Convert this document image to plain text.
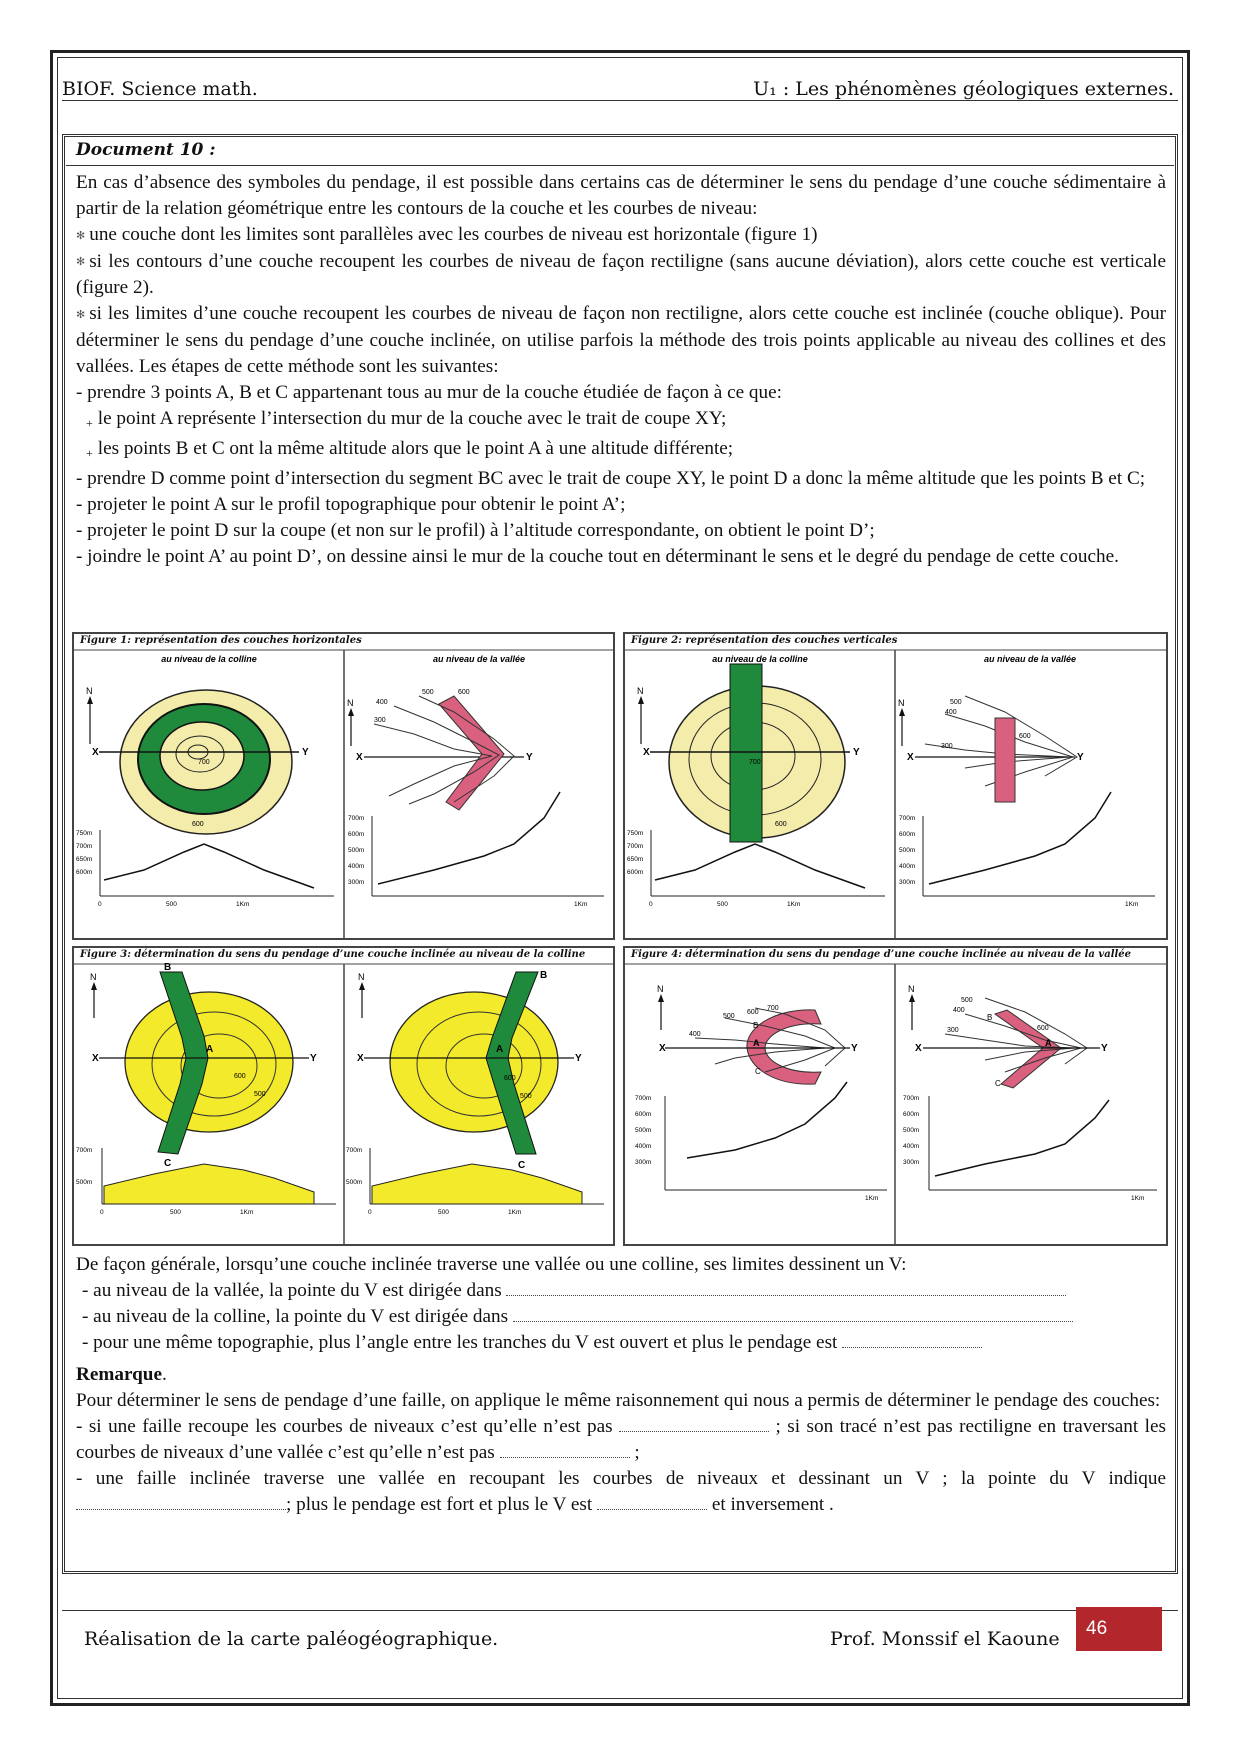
BIOF. Science math.	U₁ : Les phénomènes géologiques externes.
Document 10 :

En cas d’absence des symboles du pendage, il est possible dans certains cas de déterminer le sens du pendage d’une couche sédimentaire à partir de la relation géométrique entre les contours de la couche et les courbes de niveau:

✻ une couche dont les limites sont parallèles avec les courbes de niveau est horizontale (figure 1)

✻ si les contours d’une couche recoupent les courbes de niveau de façon rectiligne (sans aucune déviation), alors cette couche est verticale (figure 2).

✻ si les limites d’une couche recoupent les courbes de niveau de façon non rectiligne, alors cette couche est inclinée (couche oblique). Pour déterminer le sens du pendage d’une couche inclinée, on utilise parfois la méthode des trois points applicable au niveau des collines et des vallées. Les étapes de cette méthode sont les suivantes:

- prendre 3 points A, B et C appartenant tous au mur de la couche étudiée de façon à ce que:

+ le point A représente l’intersection du mur de la couche avec le trait de coupe XY;

+ les points B et C ont la même altitude alors que le point A à une altitude différente;

- prendre D comme point d’intersection du segment BC avec le trait de coupe XY, le point D a donc la même altitude que les points B et C;

- projeter le point A sur le profil topographique pour obtenir le point A’;

- projeter le point D sur la coupe (et non sur le profil) à l’altitude correspondante, on obtient le point D’;

- joindre le point A’ au point D’, on dessine ainsi le mur de la couche tout en déterminant le sens et le degré du pendage de cette couche.

Figure 1: représentation des couches horizontales
au niveau de la colline	au niveau de la vallée
X	Y
N
700
600
750m
700m
650m
600m
0	500	1Km
X	Y
N
300
400
500	600
700m
600m
500m
400m
300m
1Km
Figure 2: représentation des couches verticales
au niveau de la colline	au niveau de la vallée
X	Y
N
700
600
750m
700m
650m
600m
0	500	1Km
X	Y
N
300
400
500
600
700m
600m
500m
400m
300m
1Km
Figure 3: détermination du sens du pendage d’une couche inclinée au niveau de la colline
X	Y
A
B
C
N
600
500
700m
500m
0	500	1Km
X	Y
A
B
C
N
600
500
700m
500m
0	500	1Km
Figure 4: détermination du sens du pendage d’une couche inclinée au niveau de la vallée
X	Y
A
B
C
N
400
500
600
700
700m
600m
500m
400m
300m
1Km
X	Y
A
B
C
N
300
400
500
600
700m
600m
500m
400m
300m
1Km

De façon générale, lorsqu’une couche inclinée traverse une vallée ou une colline, ses limites dessinent un V:

- au niveau de la vallée, la pointe du V est dirigée dans

- au niveau de la colline, la pointe du V est dirigée dans

- pour une même topographie, plus l’angle entre les tranches du V est ouvert et plus le pendage est

Remarque.

Pour déterminer le sens de pendage d’une faille, on applique le même raisonnement qui nous a permis de déterminer le pendage des couches:

- si une faille recoupe les courbes de niveaux c’est qu’elle n’est pas	; si son tracé n’est pas rectiligne en traversant les courbes de niveaux d’une vallée c’est qu’elle n’est pas	;

- une faille inclinée traverse une vallée en recoupant les courbes de niveaux et dessinant un V ; la pointe du V indique ; plus le pendage est fort et plus le V est	et inversement .

Réalisation de la carte paléogéographique.	Prof. Monssif el Kaoune	46
